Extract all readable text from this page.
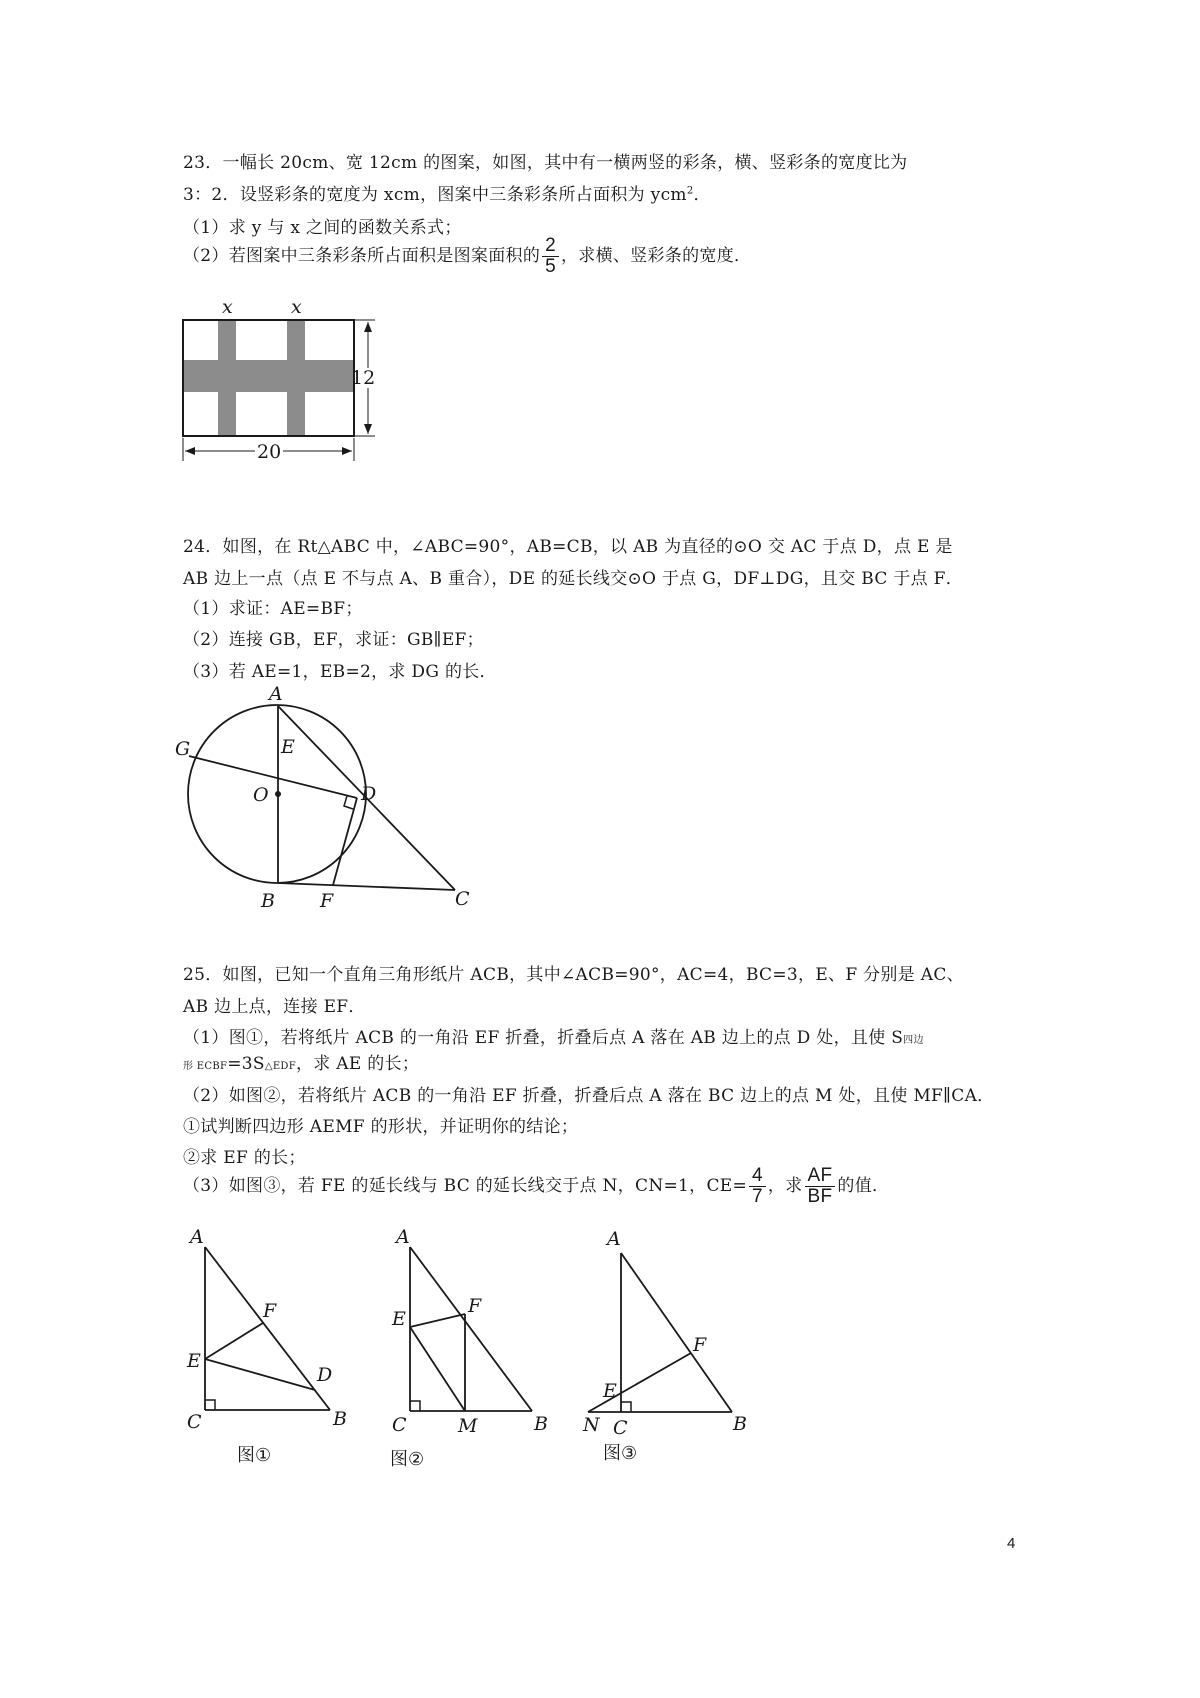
23．一幅长 20cm、宽 12cm 的图案，如图，其中有一横两竖的彩条，横、竖彩条的宽度比为
3：2．设竖彩条的宽度为 xcm，图案中三条彩条所占面积为 ycm$^2$．
（1）求 y 与 x 之间的函数关系式；
（2）若图案中三条彩条所占面积是图案面积的 $\frac{2}{5}$ ，求横、竖彩条的宽度．
x	x
12
20
24．如图，在 Rt△ABC 中，∠ABC=90°，AB=CB，以 AB 为直径的⊙O 交 AC 于点 D，点 E 是
AB 边上一点（点 E 不与点 A、B 重合），DE 的延长线交⊙O 于点 G，DF⊥DG，且交 BC 于点 F．
（1）求证：AE=BF；
（2）连接 GB，EF，求证：GB∥EF；
（3）若 AE=1，EB=2，求 DG 的长．
A
G	E
O	D
B F	C
25．如图，已知一个直角三角形纸片 ACB，其中∠ACB=90°，AC=4，BC=3，E、F 分别是 AC、
AB 边上点，连接 EF．
（1）图①，若将纸片 ACB 的一角沿 EF 折叠，折叠后点 A 落在 AB 边上的点 D 处，且使 S四边
形 ECBF=3S△EDF，求 AE 的长；
（2）如图②，若将纸片 ACB 的一角沿 EF 折叠，折叠后点 A 落在 BC 边上的点 M 处，且使 MF∥CA．
①试判断四边形 AEMF 的形状，并证明你的结论；
②求 EF 的长；
（3）如图③，若 FE 的延长线与 BC 的延长线交于点 N，CN=1，$CE= \frac{4}{7}$ ，求 $\frac{AF}{BF}$ 的值．
A
F
E
D
C	B
图①
A
E
F
C	M	B
图②
A
F
E
N C	B
图③
4
